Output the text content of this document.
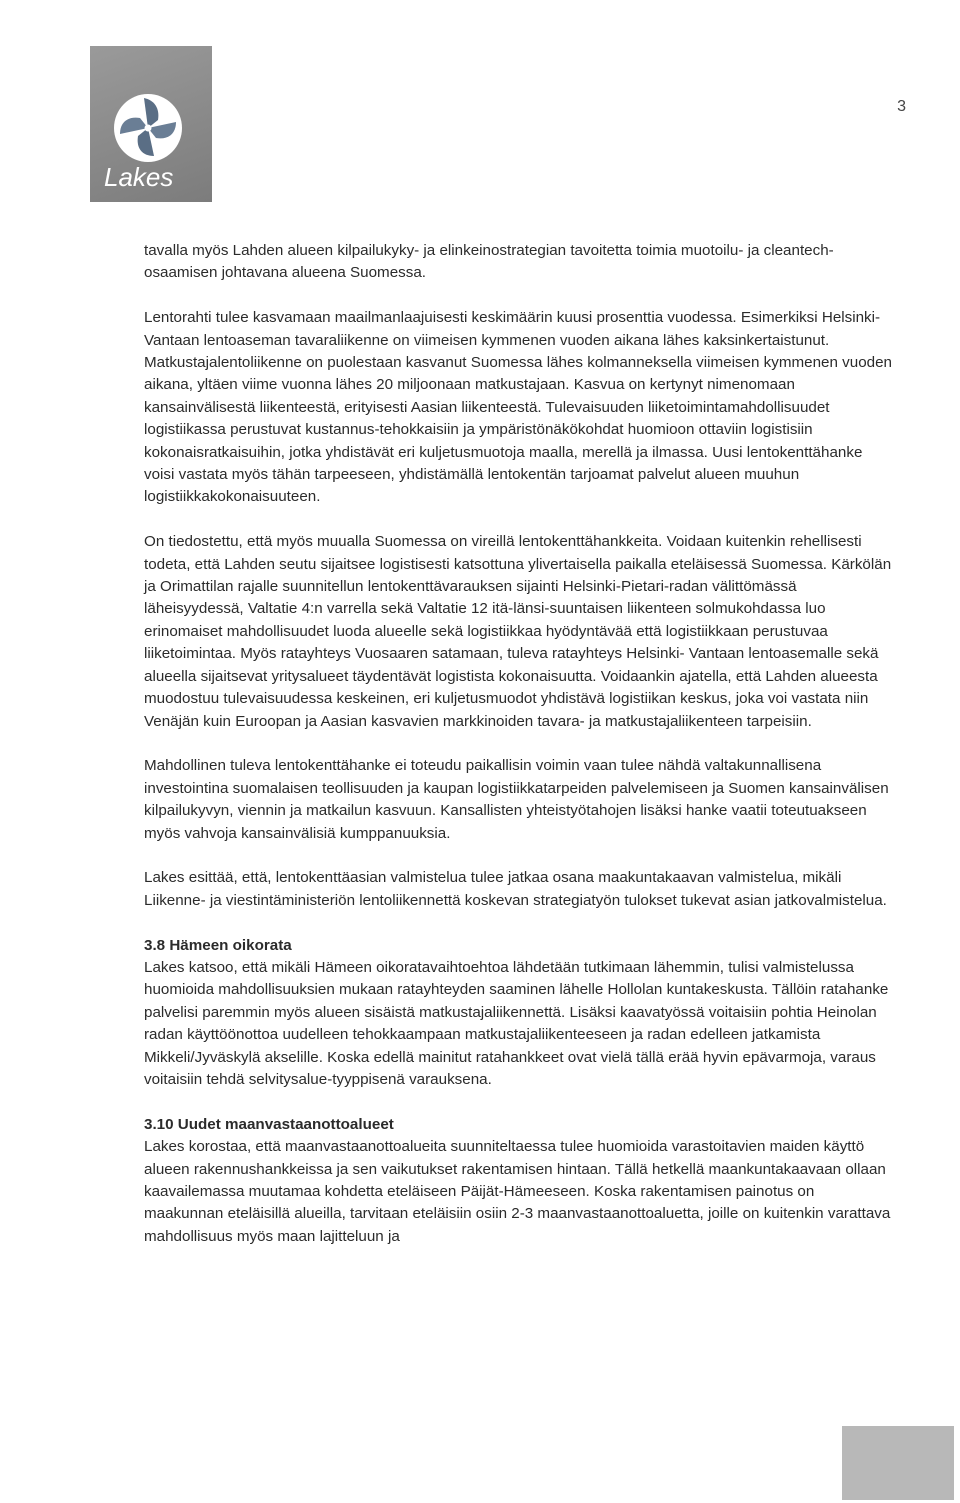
Lakes
3

tavalla myös Lahden alueen kilpailukyky- ja elinkeinostrategian tavoitetta toimia muotoilu- ja cleantech-osaamisen johtavana alueena Suomessa.

Lentorahti tulee kasvamaan maailmanlaajuisesti keskimäärin kuusi prosenttia vuodessa. Esimerkiksi Helsinki-Vantaan lentoaseman tavaraliikenne on viimeisen kymmenen vuoden aikana lähes kaksinkertaistunut. Matkustajalentoliikenne on puolestaan kasvanut Suomessa lähes kolmanneksella viimeisen kymmenen vuoden aikana, yltäen viime vuonna lähes 20 miljoonaan matkustajaan. Kasvua on kertynyt nimenomaan kansainvälisestä liikenteestä, erityisesti Aasian liikenteestä. Tulevaisuuden liiketoimintamahdollisuudet logistiikassa perustuvat kustannus-tehokkaisiin ja ympäristönäkökohdat huomioon ottaviin logistisiin kokonaisratkaisuihin, jotka yhdistävät eri kuljetusmuotoja maalla, merellä ja ilmassa. Uusi lentokenttähanke voisi vastata myös tähän tarpeeseen, yhdistämällä lentokentän tarjoamat palvelut alueen muuhun logistiikkakokonaisuuteen.

On tiedostettu, että myös muualla Suomessa on vireillä lentokenttähankkeita. Voidaan kuitenkin rehellisesti todeta, että Lahden seutu sijaitsee logistisesti katsottuna ylivertaisella paikalla eteläisessä Suomessa. Kärkölän ja Orimattilan rajalle suunnitellun lentokenttävarauksen sijainti Helsinki-Pietari-radan välittömässä läheisyydessä, Valtatie 4:n varrella sekä Valtatie 12 itä-länsi-suuntaisen liikenteen solmukohdassa luo erinomaiset mahdollisuudet luoda alueelle sekä logistiikkaa hyödyntävää että logistiikkaan perustuvaa liiketoimintaa. Myös ratayhteys Vuosaaren satamaan, tuleva ratayhteys Helsinki- Vantaan lentoasemalle sekä alueella sijaitsevat yritysalueet täydentävät logistista kokonaisuutta. Voidaankin ajatella, että Lahden alueesta muodostuu tulevaisuudessa keskeinen, eri kuljetusmuodot yhdistävä logistiikan keskus, joka voi vastata niin Venäjän kuin Euroopan ja Aasian kasvavien markkinoiden tavara- ja matkustajaliikenteen tarpeisiin.

Mahdollinen tuleva lentokenttähanke ei toteudu paikallisin voimin vaan tulee nähdä valtakunnallisena investointina suomalaisen teollisuuden ja kaupan logistiikkatarpeiden palvelemiseen ja Suomen kansainvälisen kilpailukyvyn, viennin ja matkailun kasvuun. Kansallisten yhteistyötahojen lisäksi hanke vaatii toteutuakseen myös vahvoja kansainvälisiä kumppanuuksia.

Lakes esittää, että, lentokenttäasian valmistelua tulee jatkaa osana maakuntakaavan valmistelua, mikäli Liikenne- ja viestintäministeriön lentoliikennettä koskevan strategiatyön tulokset tukevat asian jatkovalmistelua.

3.8 Hämeen oikorata

Lakes katsoo, että mikäli Hämeen oikoratavaihtoehtoa lähdetään tutkimaan lähemmin, tulisi valmistelussa huomioida mahdollisuuksien mukaan ratayhteyden saaminen lähelle Hollolan kuntakeskusta. Tällöin ratahanke palvelisi paremmin myös alueen sisäistä matkustajaliikennettä. Lisäksi kaavatyössä voitaisiin pohtia Heinolan radan käyttöönottoa uudelleen tehokkaampaan matkustajaliikenteeseen ja radan edelleen jatkamista Mikkeli/Jyväskylä akselille. Koska edellä mainitut ratahankkeet ovat vielä tällä erää hyvin epävarmoja, varaus voitaisiin tehdä selvitysalue-tyyppisenä varauksena.

3.10 Uudet maanvastaanottoalueet

Lakes korostaa, että maanvastaanottoalueita suunniteltaessa tulee huomioida varastoitavien maiden käyttö alueen rakennushankkeissa ja sen vaikutukset rakentamisen hintaan. Tällä hetkellä maankuntakaavaan ollaan kaavailemassa muutamaa kohdetta eteläiseen Päijät-Hämeeseen. Koska rakentamisen painotus on maakunnan eteläisillä alueilla, tarvitaan eteläisiin osiin 2-3 maanvastaanottoaluetta, joille on kuitenkin varattava mahdollisuus myös maan lajitteluun ja
